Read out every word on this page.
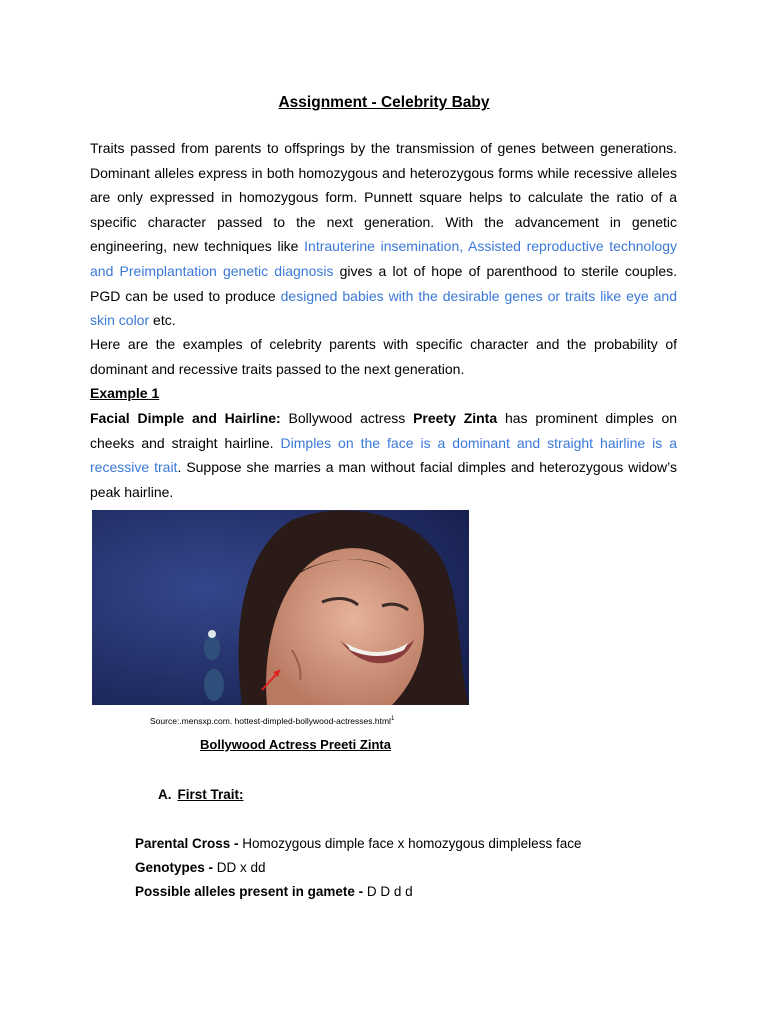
Assignment - Celebrity Baby
Traits passed from parents to offsprings by the transmission of genes between generations. Dominant alleles express in both homozygous and heterozygous forms while recessive alleles are only expressed in homozygous form. Punnett square helps to calculate the ratio of a specific character passed to the next generation. With the advancement in genetic engineering, new techniques like Intrauterine insemination, Assisted reproductive technology and Preimplantation genetic diagnosis gives a lot of hope of parenthood to sterile couples. PGD can be used to produce designed babies with the desirable genes or traits like eye and skin color etc.
Here are the examples of celebrity parents with specific character and the probability of dominant and recessive traits passed to the next generation.
Example 1
Facial Dimple and Hairline: Bollywood actress Preety Zinta has prominent dimples on cheeks and straight hairline. Dimples on the face is a dominant and straight hairline is a recessive trait. Suppose she marries a man without facial dimples and heterozygous widow’s peak hairline.
Source:.mensxp.com. hottest-dimpled-bollywood-actresses.html$^1$
Bollywood Actress Preeti Zinta
A. First Trait:
Parental Cross - Homozygous dimple face x homozygous dimpleless face
Genotypes - DD x dd
Possible alleles present in gamete - D D d d
